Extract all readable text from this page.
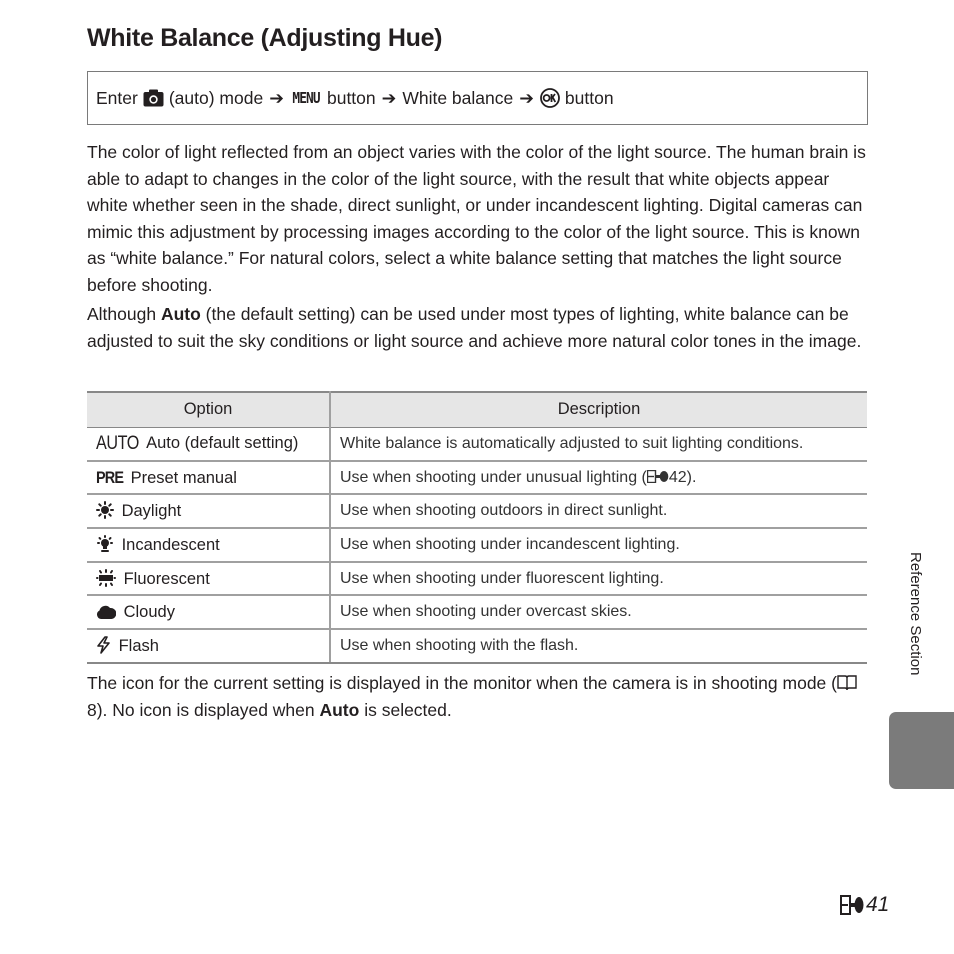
White Balance (Adjusting Hue)
Enter (auto) mode ➔ MENU button ➔ White balance ➔ button
The color of light reflected from an object varies with the color of the light source. The human brain is able to adapt to changes in the color of the light source, with the result that white objects appear white whether seen in the shade, direct sunlight, or under incandescent lighting. Digital cameras can mimic this adjustment by processing images according to the color of the light source. This is known as “white balance.” For natural colors, select a white balance setting that matches the light source before shooting.
Although Auto (the default setting) can be used under most types of lighting, white balance can be adjusted to suit the sky conditions or light source and achieve more natural color tones in the image.
Option	Description
AUTO Auto (default setting)	White balance is automatically adjusted to suit lighting conditions.
PRE Preset manual	Use when shooting under unusual lighting ( 42).
Daylight	Use when shooting outdoors in direct sunlight.
Incandescent	Use when shooting under incandescent lighting.
Fluorescent	Use when shooting under fluorescent lighting.
Cloudy	Use when shooting under overcast skies.
Flash	Use when shooting with the flash.
The icon for the current setting is displayed in the monitor when the camera is in shooting mode ( 8). No icon is displayed when Auto is selected.
Reference Section
41
